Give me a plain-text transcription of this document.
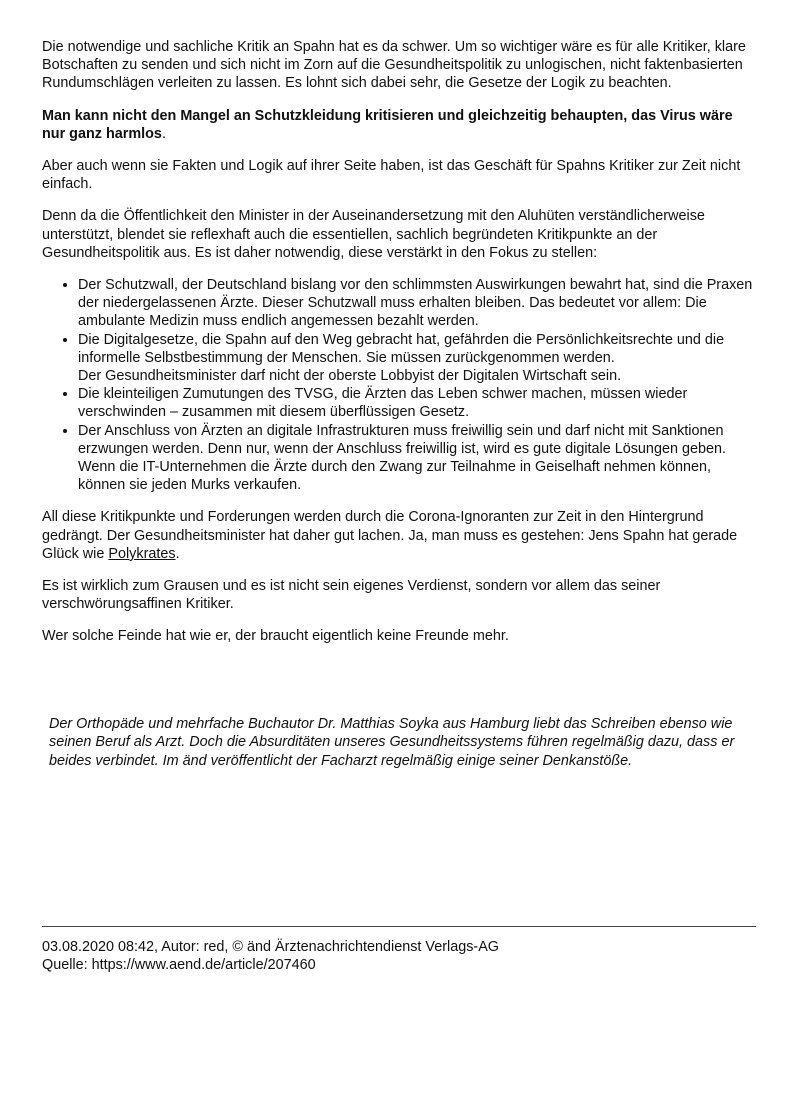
Die notwendige und sachliche Kritik an Spahn hat es da schwer. Um so wichtiger wäre es für alle Kritiker, klare Botschaften zu senden und sich nicht im Zorn auf die Gesundheitspolitik zu unlogischen, nicht faktenbasierten Rundumschlägen verleiten zu lassen. Es lohnt sich dabei sehr, die Gesetze der Logik zu beachten.

Man kann nicht den Mangel an Schutzkleidung kritisieren und gleichzeitig behaupten, das Virus wäre nur ganz harmlos.

Aber auch wenn sie Fakten und Logik auf ihrer Seite haben, ist das Geschäft für Spahns Kritiker zur Zeit nicht einfach.

Denn da die Öffentlichkeit den Minister in der Auseinandersetzung mit den Aluhüten verständlicherweise unterstützt, blendet sie reflexhaft auch die essentiellen, sachlich begründeten Kritikpunkte an der Gesundheitspolitik aus. Es ist daher notwendig, diese verstärkt in den Fokus zu stellen:

• Der Schutzwall, der Deutschland bislang vor den schlimmsten Auswirkungen bewahrt hat, sind die Praxen der niedergelassenen Ärzte. Dieser Schutzwall muss erhalten bleiben. Das bedeutet vor allem: Die ambulante Medizin muss endlich angemessen bezahlt werden.
• Die Digitalgesetze, die Spahn auf den Weg gebracht hat, gefährden die Persönlichkeitsrechte und die informelle Selbstbestimmung der Menschen. Sie müssen zurückgenommen werden.
Der Gesundheitsminister darf nicht der oberste Lobbyist der Digitalen Wirtschaft sein.
• Die kleinteiligen Zumutungen des TVSG, die Ärzten das Leben schwer machen, müssen wieder verschwinden – zusammen mit diesem überflüssigen Gesetz.
• Der Anschluss von Ärzten an digitale Infrastrukturen muss freiwillig sein und darf nicht mit Sanktionen erzwungen werden. Denn nur, wenn der Anschluss freiwillig ist, wird es gute digitale Lösungen geben.
Wenn die IT-Unternehmen die Ärzte durch den Zwang zur Teilnahme in Geiselhaft nehmen können, können sie jeden Murks verkaufen.

All diese Kritikpunkte und Forderungen werden durch die Corona-Ignoranten zur Zeit in den Hintergrund gedrängt. Der Gesundheitsminister hat daher gut lachen. Ja, man muss es gestehen: Jens Spahn hat gerade Glück wie Polykrates.

Es ist wirklich zum Grausen und es ist nicht sein eigenes Verdienst, sondern vor allem das seiner verschwörungsaffinen Kritiker.

Wer solche Feinde hat wie er, der braucht eigentlich keine Freunde mehr.

Der Orthopäde und mehrfache Buchautor Dr. Matthias Soyka aus Hamburg liebt das Schreiben ebenso wie seinen Beruf als Arzt. Doch die Absurditäten unseres Gesundheitssystems führen regelmäßig dazu, dass er beides verbindet. Im änd veröffentlicht der Facharzt regelmäßig einige seiner Denkanstöße.
03.08.2020 08:42, Autor: red, © änd Ärztenachrichtendienst Verlags-AG
Quelle: https://www.aend.de/article/207460
